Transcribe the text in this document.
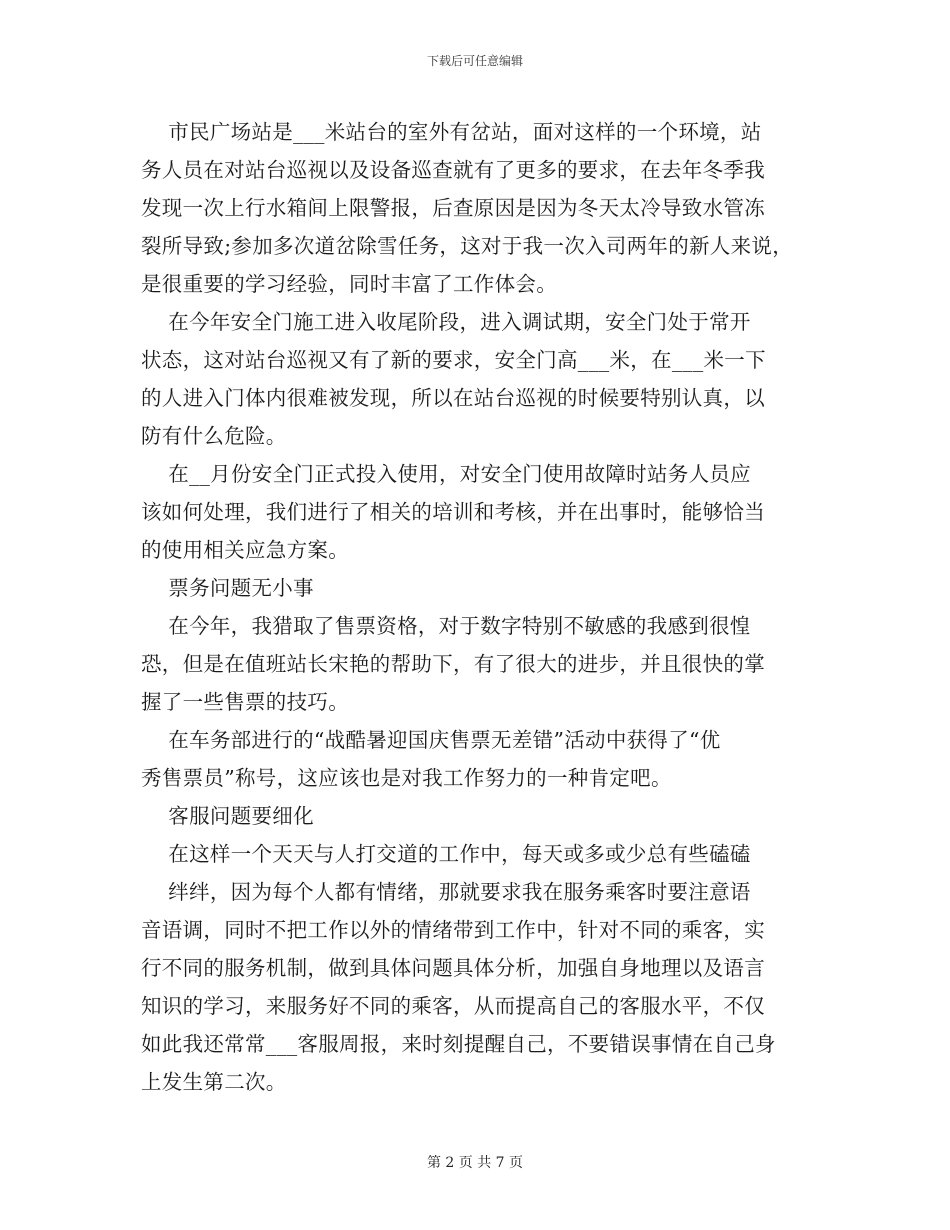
下载后可任意编辑
市民广场站是___米站台的室外有岔站，面对这样的一个环境，站
务人员在对站台巡视以及设备巡查就有了更多的要求，在去年冬季我
发现一次上行水箱间上限警报，后查原因是因为冬天太冷导致水管冻
裂所导致;参加多次道岔除雪任务，这对于我一次入司两年的新人来说，
是很重要的学习经验，同时丰富了工作体会。
在今年安全门施工进入收尾阶段，进入调试期，安全门处于常开
状态，这对站台巡视又有了新的要求，安全门高___米，在___米一下
的人进入门体内很难被发现，所以在站台巡视的时候要特别认真，以
防有什么危险。
在__月份安全门正式投入使用，对安全门使用故障时站务人员应
该如何处理，我们进行了相关的培训和考核，并在出事时，能够恰当
的使用相关应急方案。
票务问题无小事
在今年，我猎取了售票资格，对于数字特别不敏感的我感到很惶
恐，但是在值班站长宋艳的帮助下，有了很大的进步，并且很快的掌
握了一些售票的技巧。
在车务部进行的“战酷暑迎国庆售票无差错”活动中获得了“优
秀售票员”称号，这应该也是对我工作努力的一种肯定吧。
客服问题要细化
在这样一个天天与人打交道的工作中，每天或多或少总有些磕磕
绊绊，因为每个人都有情绪，那就要求我在服务乘客时要注意语
音语调，同时不把工作以外的情绪带到工作中，针对不同的乘客，实
行不同的服务机制，做到具体问题具体分析，加强自身地理以及语言
知识的学习，来服务好不同的乘客，从而提高自己的客服水平，不仅
如此我还常常___客服周报，来时刻提醒自己，不要错误事情在自己身
上发生第二次。
第 2 页 共 7 页
